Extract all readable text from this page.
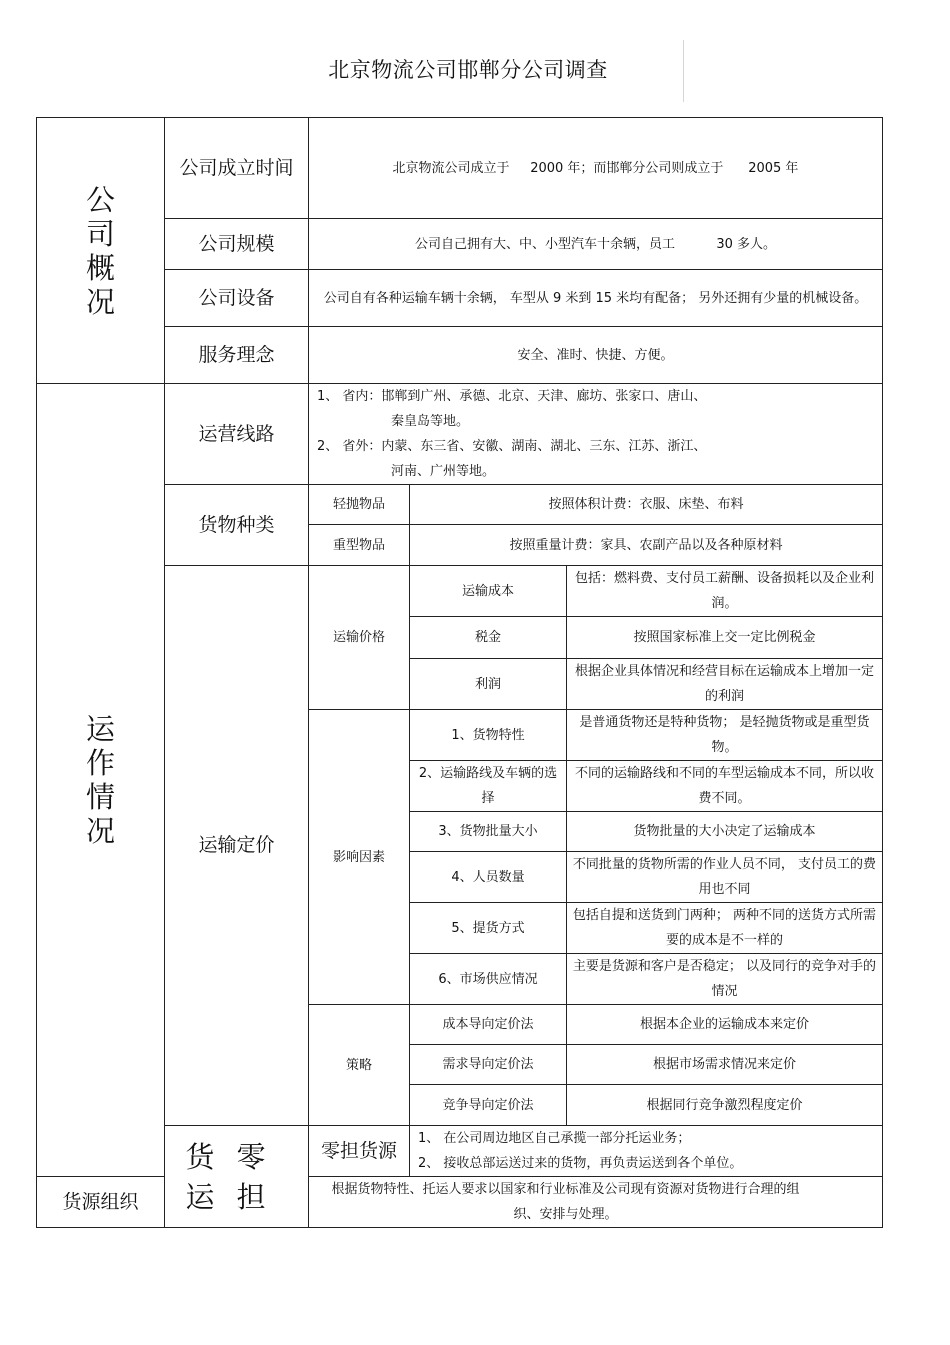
北京物流公司邯郸分公司调查
公
司
概
况	公司成立时间	北京物流公司成立于     2000 年；而邯郸分公司则成立于      2005 年		
	公司规模	公司自己拥有大、中、小型汽车十余辆，员工          30 多人。		
	公司设备	公司自有各种运输车辆十余辆， 车型从 9 米到 15 米均有配备； 另外还拥有少量的机械设备。		
	服务理念	安全、准时、快捷、方便。		

运
作
情
况	运营线路	1、 省内：邯郸到广州、承德、北京、天津、廊坊、张家口、唐山、
秦皇岛等地。
2、 省外：内蒙、东三省、安徽、湖南、湖北、三东、江苏、浙江、
河南、广州等地。		

	货物种类	轻抛物品	按照体积计费：衣服、床垫、布料	
		重型物品	按照重量计费：家具、农副产品以及各种原材料	
	运输定价	运输价格	运输成本	包括：燃料费、支付员工薪酬、设备损耗以及企业利润。
			税金	按照国家标准上交一定比例税金
			利润	根据企业具体情况和经营目标在运输成本上增加一定的利润
		影响因素	1、货物特性	是普通货物还是特种货物； 是轻抛货物或是重型货物。
			2、运输路线及车辆的选择	不同的运输路线和不同的车型运输成本不同，所以收费不同。
			3、货物批量大小	货物批量的大小决定了运输成本
			4、人员数量	不同批量的货物所需的作业人员不同， 支付员工的费用也不同
			5、提货方式	包括自提和送货到门两种； 两种不同的送货方式所需要的成本是不一样的
			6、市场供应情况	主要是货源和客户是否稳定； 以及同行的竞争对手的情况
		策略	成本导向定价法	根据本企业的运输成本来定价
			需求导向定价法	根据市场需求情况来定价
			竞争导向定价法	根据同行竞争激烈程度定价

	货零
运担	零担货源	1、 在公司周边地区自己承揽一部分托运业务；
2、 接收总部运送过来的货物，再负责运送到各个单位。	

货源组织		根据货物特性、托运人要求以国家和行业标准及公司现有资源对货物进行合理的组织、安排与处理。		
